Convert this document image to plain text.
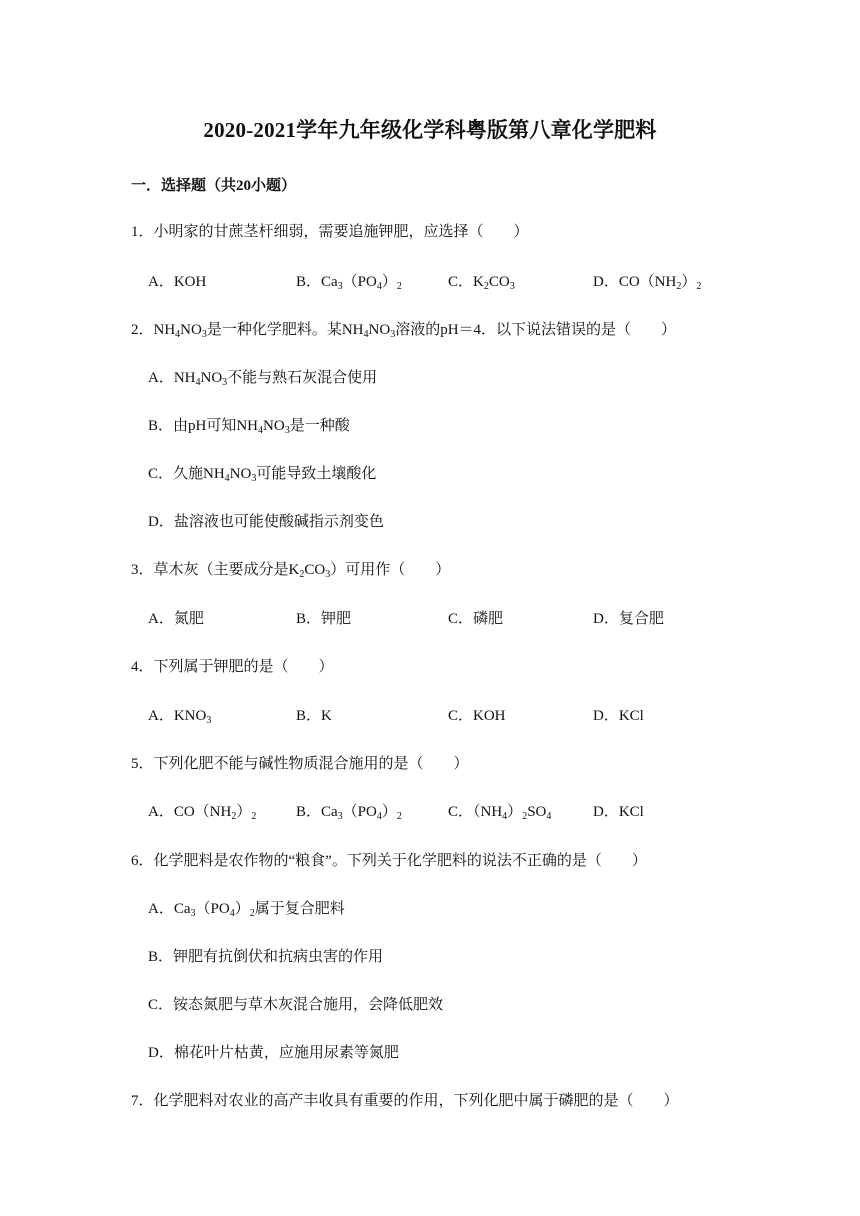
2020-2021学年九年级化学科粤版第八章化学肥料
一．选择题（共20小题）
1．小明家的甘蔗茎杆细弱，需要追施钾肥，应选择（　　）
A．KOH	B．$Ca_3(PO_4)_2$	C．$K_2CO_3$	D．$CO(NH_2)_2$
2．$NH_4NO_3$是一种化学肥料。某$NH_4NO_3$溶液的pH＝4．以下说法错误的是（　　）
A．$NH_4NO_3$不能与熟石灰混合使用
B．由pH可知$NH_4NO_3$是一种酸
C．久施$NH_4NO_3$可能导致土壤酸化
D．盐溶液也可能使酸碱指示剂变色
3．草木灰（主要成分是$K_2CO_3$）可用作（　　）
A．氮肥	B．钾肥	C．磷肥	D．复合肥
4．下列属于钾肥的是（　　）
A．$KNO_3$	B．K	C．KOH	D．KCl
5．下列化肥不能与碱性物质混合施用的是（　　）
A．$CO(NH_2)_2$	B．$Ca_3(PO_4)_2$	C．$(NH_4)_2SO_4$	D．KCl
6．化学肥料是农作物的“粮食”。下列关于化学肥料的说法不正确的是（　　）
A．$Ca_3(PO_4)_2$属于复合肥料
B．钾肥有抗倒伏和抗病虫害的作用
C．铵态氮肥与草木灰混合施用，会降低肥效
D．棉花叶片枯黄，应施用尿素等氮肥
7．化学肥料对农业的高产丰收具有重要的作用，下列化肥中属于磷肥的是（　　）
